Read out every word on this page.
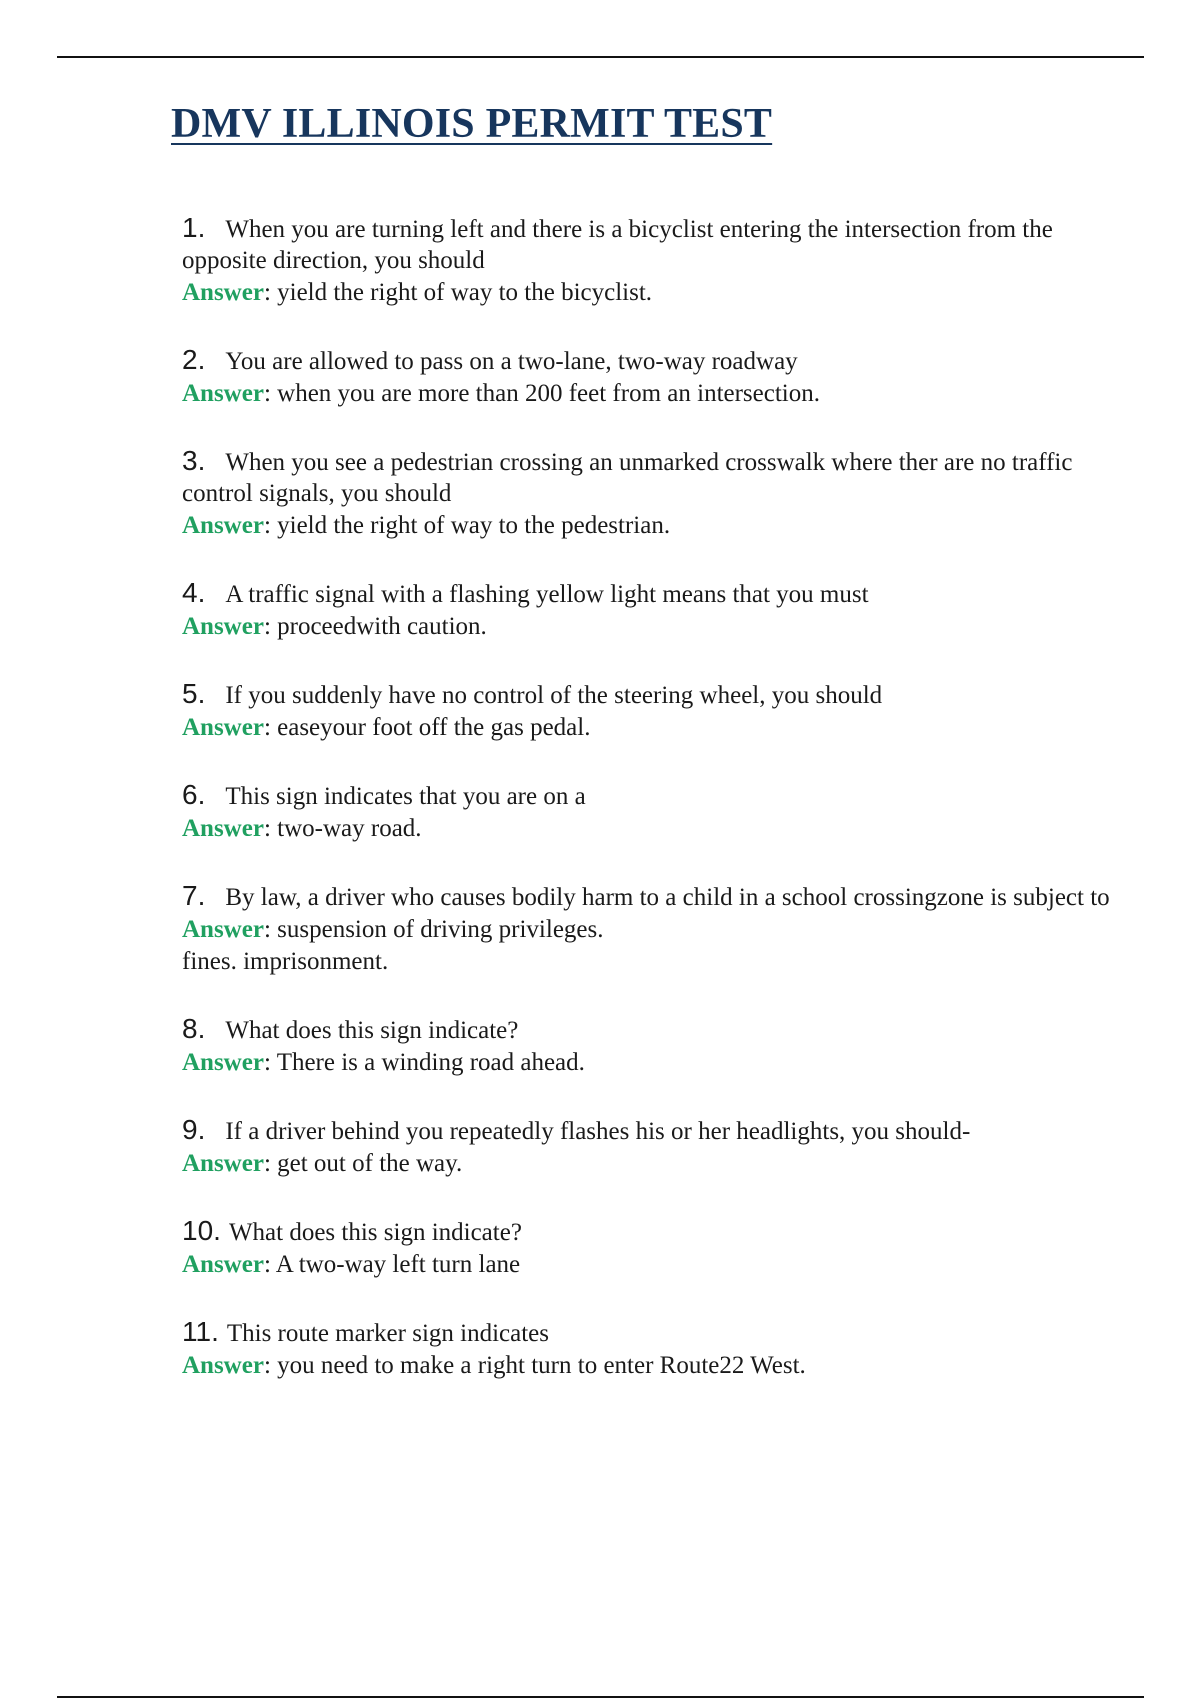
DMV ILLINOIS PERMIT TEST

1. When you are turning left and there is a bicyclist entering the intersection from the opposite direction, you should

Answer: yield the right of way to the bicyclist.

2. You are allowed to pass on a two-lane, two-way roadway

Answer: when you are more than 200 feet from an intersection.

3. When you see a pedestrian crossing an unmarked crosswalk where ther are no traffic control signals, you should

Answer: yield the right of way to the pedestrian.

4. A traffic signal with a flashing yellow light means that you must

Answer: proceedwith caution.

5. If you suddenly have no control of the steering wheel, you should

Answer: easeyour foot off the gas pedal.

6. This sign indicates that you are on a

Answer: two-way road.

7. By law, a driver who causes bodily harm to a child in a school crossingzone is subject to

Answer: suspension of driving privileges.

fines. imprisonment.

8. What does this sign indicate?

Answer: There is a winding road ahead.

9. If a driver behind you repeatedly flashes his or her headlights, you should-

Answer: get out of the way.

10. What does this sign indicate?

Answer: A two-way left turn lane

11. This route marker sign indicates

Answer: you need to make a right turn to enter Route22 West.
